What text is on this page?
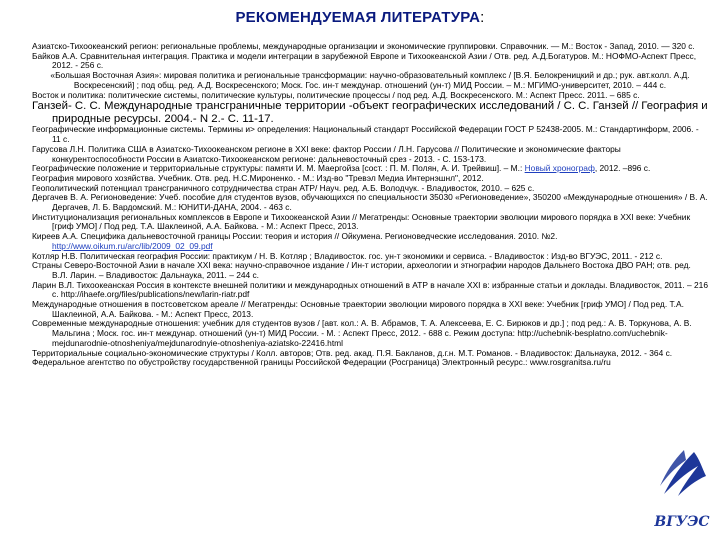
РЕКОМЕНДУЕМАЯ ЛИТЕРАТУРА:

Азиатско-Тихоокеанский регион: региональные проблемы, международные организации и экономические группировки. Справочник. — М.: Восток - Запад, 2010. — 320 с.

Байков А.А. Сравнительная интеграция. Практика и модели интеграции в зарубежной Европе и Тихоокеанской Азии / Отв. ред. А.Д.Богатуров. М.: НОФМО-Аспект Пресс, 2012. - 256 с.

«Большая Восточная Азия»: мировая политика и региональные трансформации: научно-образовательный комплекс / [В.Я. Белокреницкий и др.; рук. авт.колл. А.Д. Воскресенский] ; под общ. ред. А.Д. Воскресенского; Моск. Гос. ин-т междунар. отношений (ун-т) МИД России. – М.: МГИМО-университет, 2010. – 444 с.

Восток и политика: политические системы, политические культуры, политические процессы / под ред. А.Д. Воскресенского. М.: Аспект Пресс. 2011. – 685 с.

Ганзей- С. С. Международные трансграничные территории -объект географических исследований / С. С. Ганзей // География и природные ресурсы. 2004.- N 2.- С. 11-17.

Географические информационные системы. Термины и> определения: Национальный стандарт Российской Федерации ГОСТ Р 52438-2005. М.: Стандартинформ, 2006. - 11 с.

Гарусова Л.Н. Политика США в Азиатско-Тихоокеанском регионе в XXI веке: фактор России / Л.Н. Гарусова // Политические и экономические факторы конкурентоспособности России в Азиатско-Тихоокеанском регионе: дальневосточный срез - 2013. - С. 153-173.

Географические положение и территориальные структуры: памяти И. М. Маергойза [сост. : П. М. Полян, А. И. Трейвиш]. – М.: Новый хронограф, 2012. –896 с.

География мирового хозяйства. Учебник. Отв. ред. Н.С.Мироненко. - М.: Изд-во "Тревэл Медиа Интернэшнл", 2012.

Геополитический потенциал трансграничного сотрудничества стран АТР/ Науч. ред. А.Б. Володчук. - Владивосток, 2010. – 625 с.

Дергачев В. А. Регионоведение: Учеб. пособие для студентов вузов, обучающихся по специальности 35030 «Регионоведение», 350200 «Международные отношения» / В. А. Дергачев, Л. Б. Вардомский. М.: ЮНИТИ-ДАНА, 2004. - 463 с.

Институционализация региональных комплексов в Европе и Тихоокеанской Азии // Мегатренды: Основные траектории эволюции мирового порядка в XXI веке: Учебник [гриф УМО] / Под ред. Т.А. Шаклеиной, А.А. Байкова. - М.: Аспект Пресс, 2013.

Киреев А.А. Специфика дальневосточной границы России: теория и история // Ойкумена. Регионоведческие исследования. 2010. №2. http://www.oikum.ru/arc/lib/2009_02_09.pdf

Котляр Н.В. Политическая география России: практикум / Н. В. Котляр ; Владивосток. гос. ун-т экономики и сервиса. - Владивосток : Изд-во ВГУЭС, 2011. - 212 с.

Страны Северо-Восточной Азии в начале XXI века: научно-справочное издание / Ин-т истории, археологии и этнографии народов Дальнего Востока ДВО РАН; отв. ред. В.Л. Ларин. – Владивосток: Дальнаука, 2011. – 244 с.

Ларин В.Л. Тихоокеанская Россия в контексте внешней политики и международных отношений в АТР в начале XXI в: избранные статьи и доклады. Владивосток, 2011. – 216 с. http://ihaefe.org/files/publications/new/larin-riatr.pdf

Международные отношения в постсоветском ареале // Мегатренды: Основные траектории эволюции мирового порядка в XXI веке: Учебник [гриф УМО] / Под ред. Т.А. Шаклеиной, А.А. Байкова. - М.: Аспект Пресс, 2013.

Современные международные отношения: учебник для студентов вузов / [авт. кол.: А. В. Абрамов, Т. А. Алексеева, Е. С. Бирюков и др.] ; под ред.: А. В. Торкунова, А. В. Мальгина ; Моск. гос. ин-т междунар. отношений (ун-т) МИД России. - М. : Аспект Пресс, 2012. - 688 с. Режим доступа: http://uchebnik-besplatno.com/uchebnik-mejdunarodnie-otnosheniya/mejdunarodnyie-otnosheniya-aziatsko-22416.html

Территориальные социально-экономические структуры / Колл. авторов; Отв. ред. акад. П.Я. Бакланов, д.г.н. М.Т. Романов. - Владивосток: Дальнаука, 2012. - 364 с.

Федеральное агентство по обустройству государственной границы Российской Федерации (Росграница) Электронный ресурс.: www.rosgranitsa.ru/ru

ВГУЭС
